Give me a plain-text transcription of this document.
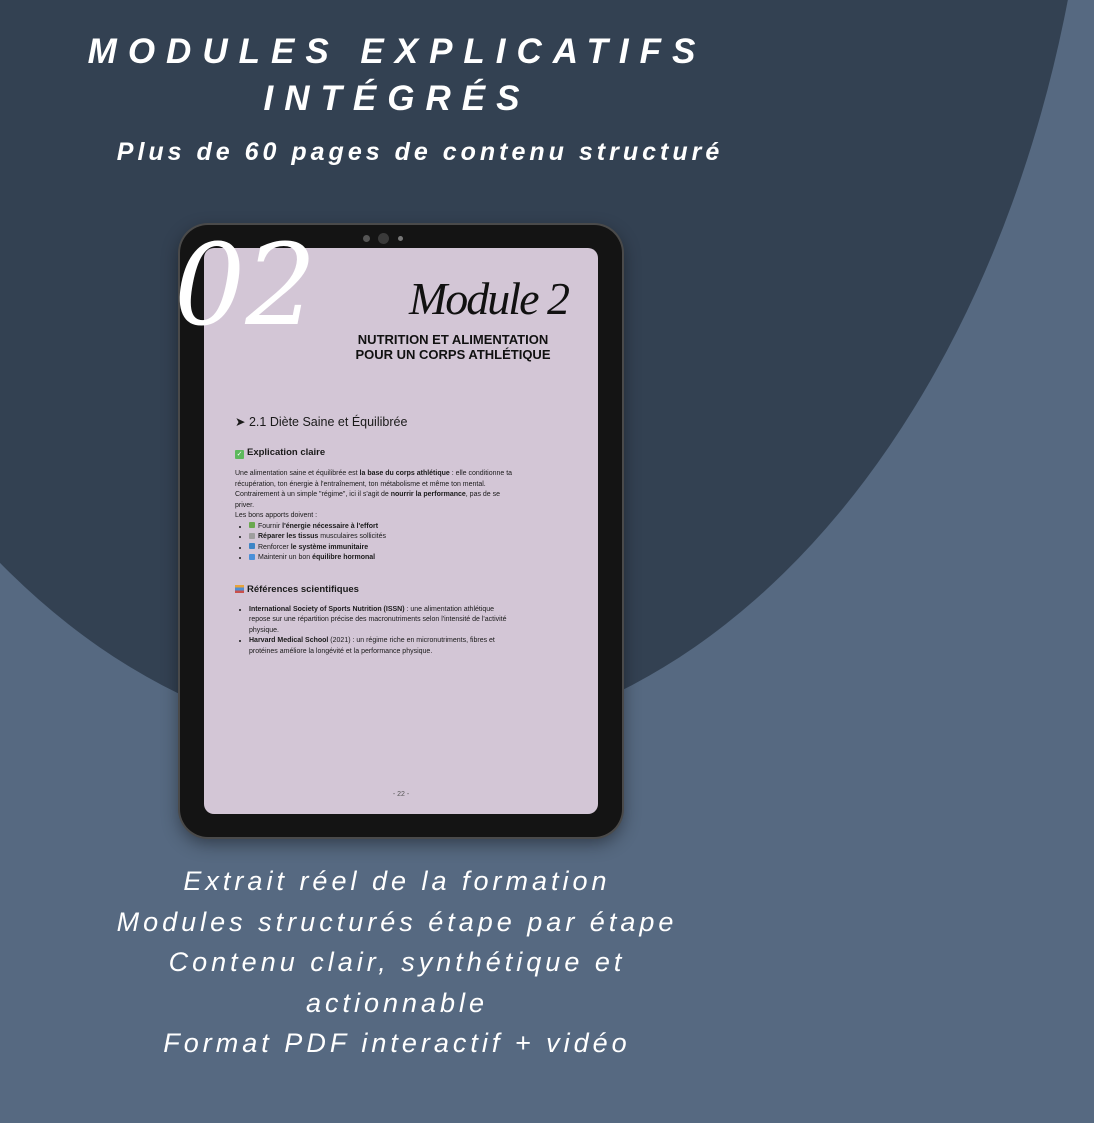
MODULES EXPLICATIFS
INTÉGRÉS
Plus de 60 pages de contenu structuré
02 Module 2
NUTRITION ET ALIMENTATION POUR UN CORPS ATHLÉTIQUE
➤ 2.1 Diète Saine et Équilibrée
✓ Explication claire
Une alimentation saine et équilibrée est la base du corps athlétique : elle conditionne ta récupération, ton énergie à l'entraînement, ton métabolisme et même ton mental.
Contrairement à un simple "régime", ici il s'agit de nourrir la performance, pas de se priver.
Les bons apports doivent :
• Fournir l'énergie nécessaire à l'effort
• Réparer les tissus musculaires sollicités
• Renforcer le système immunitaire
• Maintenir un bon équilibre hormonal
Références scientifiques
• International Society of Sports Nutrition (ISSN) : une alimentation athlétique repose sur une répartition précise des macronutriments selon l'intensité de l'activité physique.
• Harvard Medical School (2021) : un régime riche en micronutriments, fibres et protéines améliore la longévité et la performance physique.
- 22 -
Extrait réel de la formation
Modules structurés étape par étape
Contenu clair, synthétique et
actionnable
Format PDF interactif + vidéo
